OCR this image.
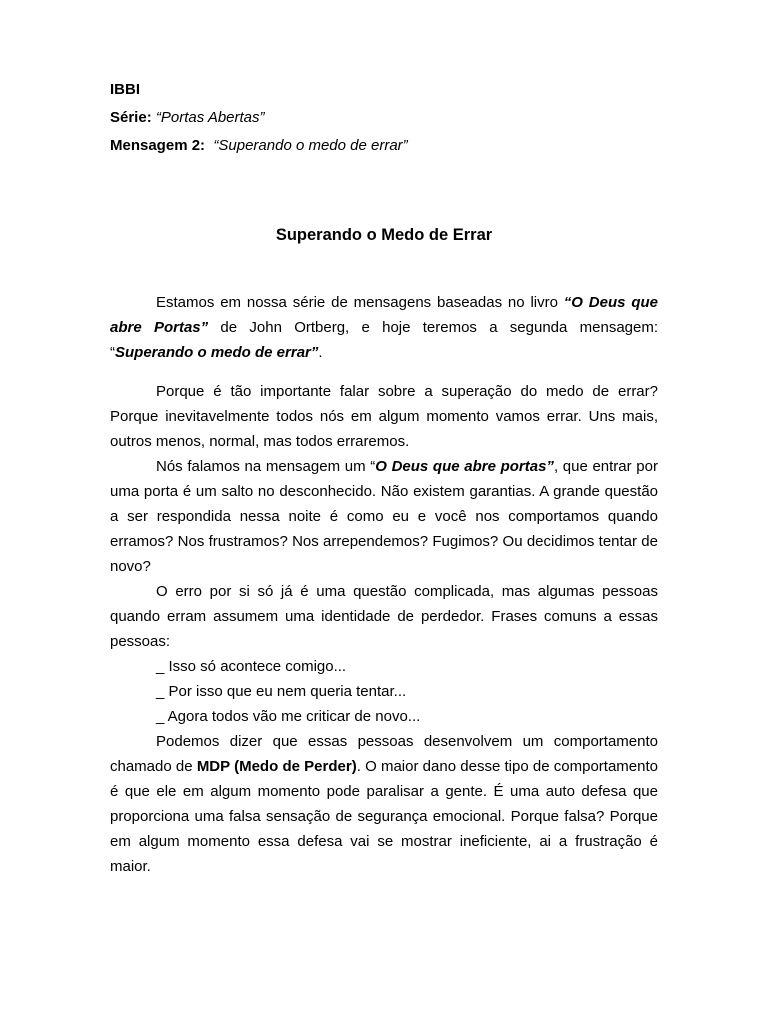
IBBI
Série: “Portas Abertas”
Mensagem 2: “Superando o medo de errar”
Superando o Medo de Errar

Estamos em nossa série de mensagens baseadas no livro “O Deus que abre Portas” de John Ortberg, e hoje teremos a segunda mensagem: “Superando o medo de errar”.

Porque é tão importante falar sobre a superação do medo de errar? Porque inevitavelmente todos nós em algum momento vamos errar. Uns mais, outros menos, normal, mas todos erraremos.

Nós falamos na mensagem um “O Deus que abre portas”, que entrar por uma porta é um salto no desconhecido. Não existem garantias. A grande questão a ser respondida nessa noite é como eu e você nos comportamos quando erramos? Nos frustramos? Nos arrependemos? Fugimos? Ou decidimos tentar de novo?

O erro por si só já é uma questão complicada, mas algumas pessoas quando erram assumem uma identidade de perdedor. Frases comuns a essas pessoas:

_ Isso só acontece comigo...

_ Por isso que eu nem queria tentar...

_ Agora todos vão me criticar de novo...

Podemos dizer que essas pessoas desenvolvem um comportamento chamado de MDP (Medo de Perder). O maior dano desse tipo de comportamento é que ele em algum momento pode paralisar a gente. É uma auto defesa que proporciona uma falsa sensação de segurança emocional. Porque falsa? Porque em algum momento essa defesa vai se mostrar ineficiente, ai a frustração é maior.
